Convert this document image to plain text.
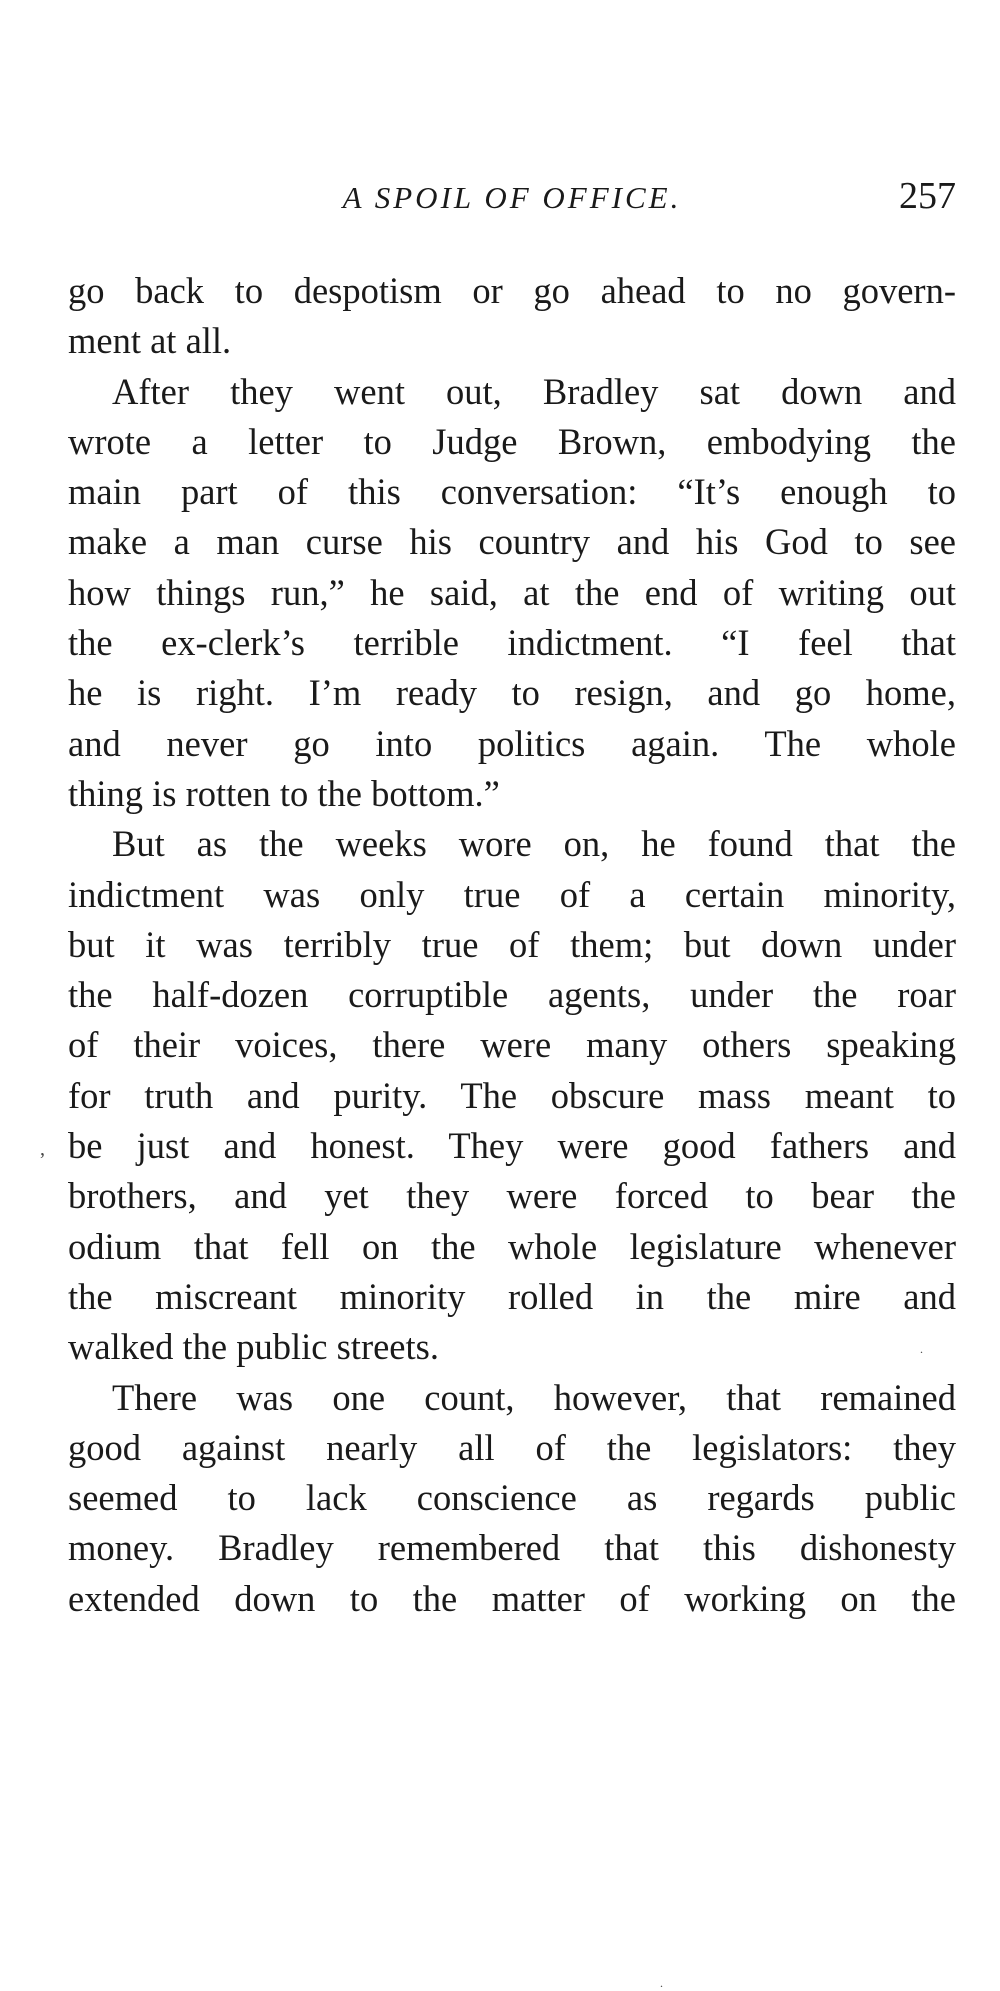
A SPOIL OF OFFICE.	257
go back to despotism or go ahead to no govern-
ment at all.
After they went out, Bradley sat down and
wrote a letter to Judge Brown, embodying the
main part of this conversation: “It’s enough to
make a man curse his country and his God to see
how things run,” he said, at the end of writing out
the ex-clerk’s terrible indictment. “I feel that
he is right. I’m ready to resign, and go home,
and never go into politics again. The whole
thing is rotten to the bottom.”
But as the weeks wore on, he found that the
indictment was only true of a certain minority,
but it was terribly true of them; but down under
the half-dozen corruptible agents, under the roar
of their voices, there were many others speaking
for truth and purity. The obscure mass meant to
be just and honest. They were good fathers and
brothers, and yet they were forced to bear the
odium that fell on the whole legislature whenever
the miscreant minority rolled in the mire and
walked the public streets.
There was one count, however, that remained
good against nearly all of the legislators: they
seemed to lack conscience as regards public
money. Bradley remembered that this dishonesty
extended down to the matter of working on the
,
.
.
